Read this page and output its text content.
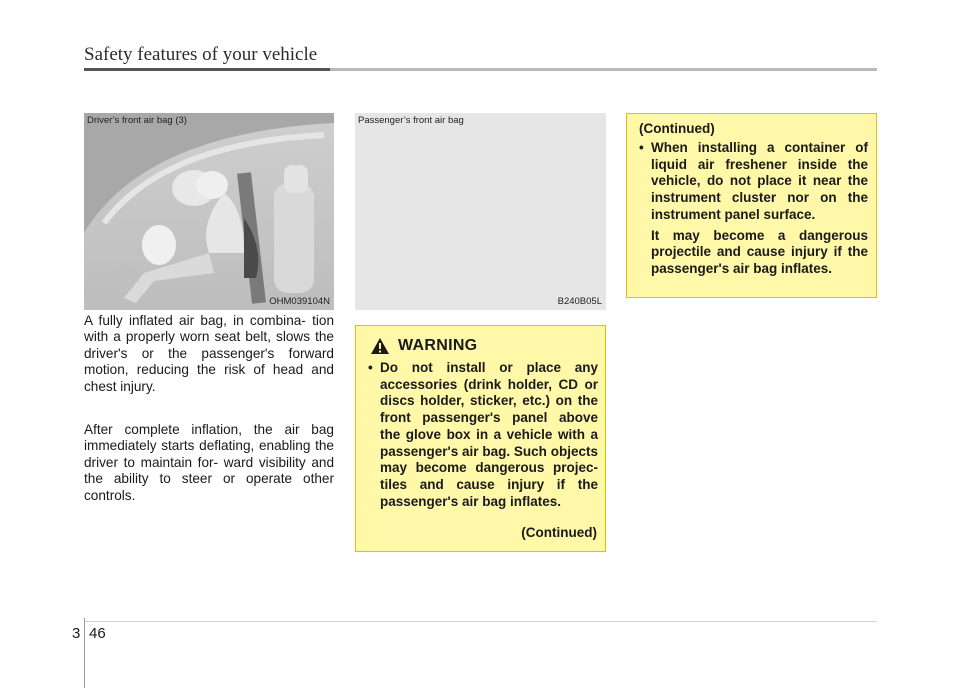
Safety features of your vehicle
Driver’s front air bag (3)
OHM039104N
Passenger’s front air bag
B240B05L
A fully inflated air bag, in combina- tion with a properly worn seat belt, slows the driver's or the passenger's forward motion, reducing the risk of head and chest injury.
After complete inflation, the air bag immediately starts deflating, enabling the driver to maintain for- ward visibility and the ability to steer or operate other controls.
WARNING
• Do not install or place any accessories (drink holder, CD or discs holder, sticker, etc.) on the front passenger's panel above the glove box in a vehicle with a passenger's air bag. Such objects may become dangerous projec- tiles and cause injury if the passenger's air bag inflates.
(Continued)
(Continued)
• When installing a container of liquid air freshener inside the vehicle, do not place it near the instrument cluster nor on the instrument panel surface.
It may become a dangerous projectile and cause injury if the passenger's air bag inflates.
3 46
